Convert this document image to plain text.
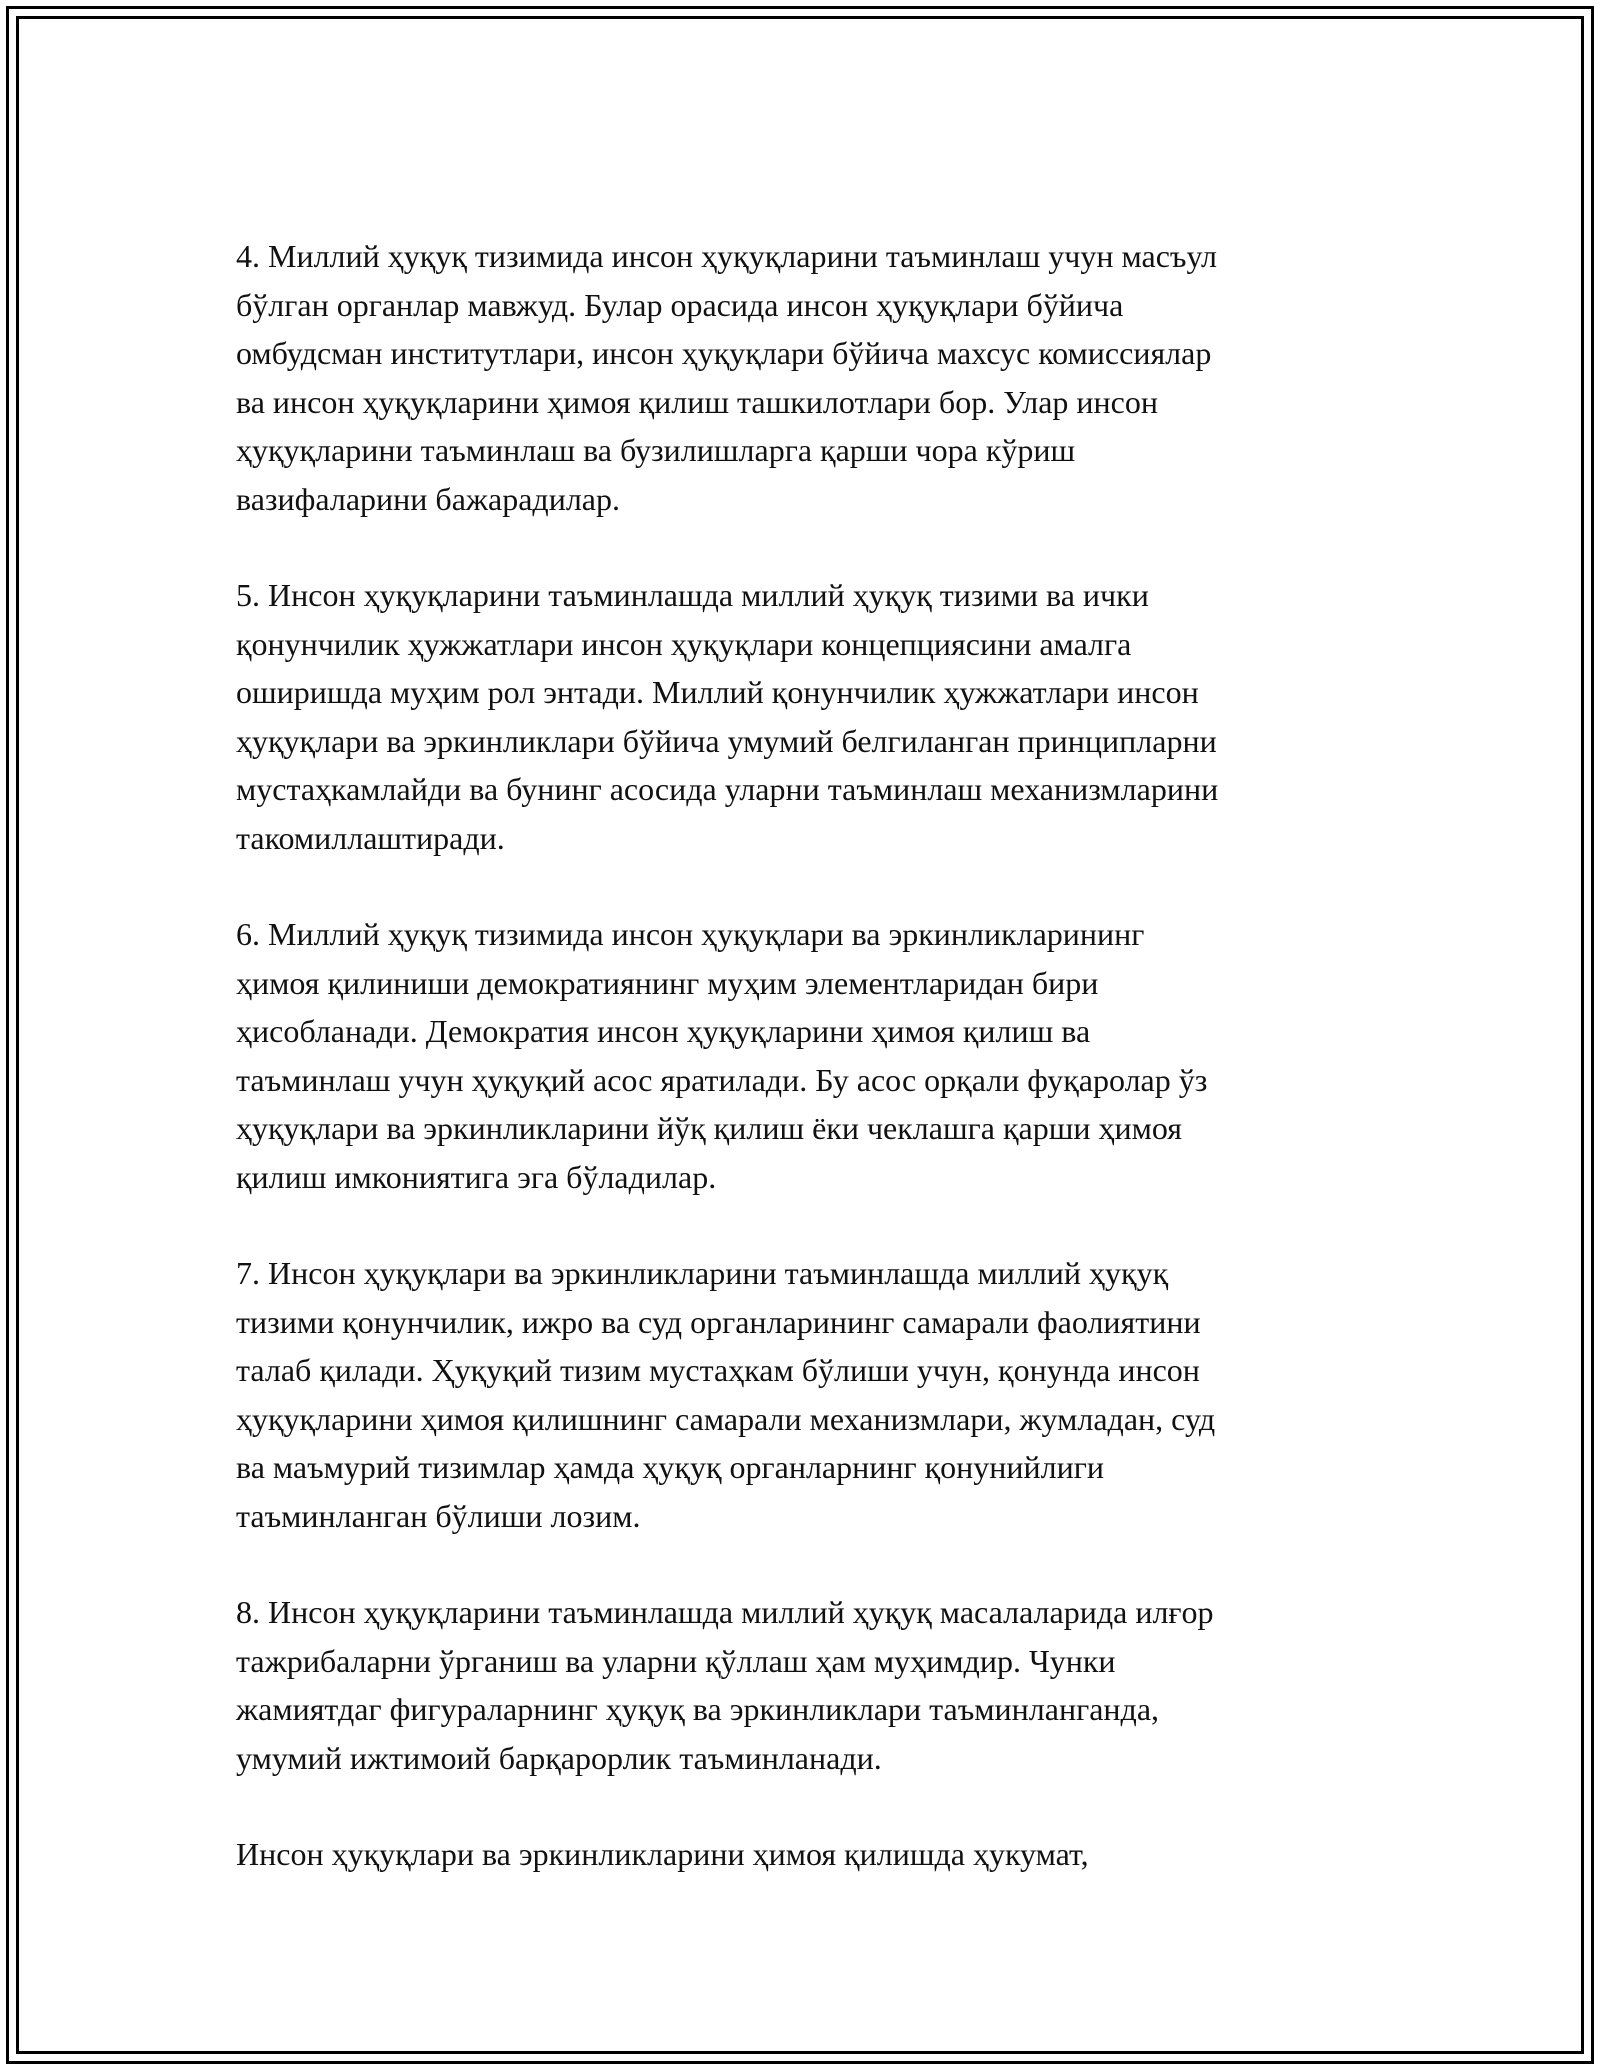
4. Миллий ҳуқуқ тизимида инсон ҳуқуқларини таъминлаш учун масъул
бўлган органлар мавжуд. Булар орасида инсон ҳуқуқлари бўйича
омбудсман институтлари, инсон ҳуқуқлари бўйича махсус комиссиялар
ва инсон ҳуқуқларини ҳимоя қилиш ташкилотлари бор. Улар инсон
ҳуқуқларини таъминлаш ва бузилишларга қарши чора кўриш
вазифаларини бажарадилар.

5. Инсон ҳуқуқларини таъминлашда миллий ҳуқуқ тизими ва ички
қонунчилик ҳужжатлари инсон ҳуқуқлари концепциясини амалга
оширишда муҳим рол энтади. Миллий қонунчилик ҳужжатлари инсон
ҳуқуқлари ва эркинликлари бўйича умумий белгиланган принципларни
мустаҳкамлайди ва бунинг асосида уларни таъминлаш механизмларини
такомиллаштиради.

6. Миллий ҳуқуқ тизимида инсон ҳуқуқлари ва эркинликларининг
ҳимоя қилиниши демократиянинг муҳим элементларидан бири
ҳисобланади. Демократия инсон ҳуқуқларини ҳимоя қилиш ва
таъминлаш учун ҳуқуқий асос яратилади. Бу асос орқали фуқаролар ўз
ҳуқуқлари ва эркинликларини йўқ қилиш ёки чеклашга қарши ҳимоя
қилиш имкониятига эга бўладилар.

7. Инсон ҳуқуқлари ва эркинликларини таъминлашда миллий ҳуқуқ
тизими қонунчилик, ижро ва суд органларининг самарали фаолиятини
талаб қилади. Ҳуқуқий тизим мустаҳкам бўлиши учун, қонунда инсон
ҳуқуқларини ҳимоя қилишнинг самарали механизмлари, жумладан, суд
ва маъмурий тизимлар ҳамда ҳуқуқ органларнинг қонунийлиги
таъминланган бўлиши лозим.

8. Инсон ҳуқуқларини таъминлашда миллий ҳуқуқ масалаларида илғор
тажрибаларни ўрганиш ва уларни қўллаш ҳам муҳимдир. Чунки
жамиятдаг фигураларнинг ҳуқуқ ва эркинликлари таъминланганда,
умумий ижтимоий барқарорлик таъминланади.

Инсон ҳуқуқлари ва эркинликларини ҳимоя қилишда ҳукумат,
